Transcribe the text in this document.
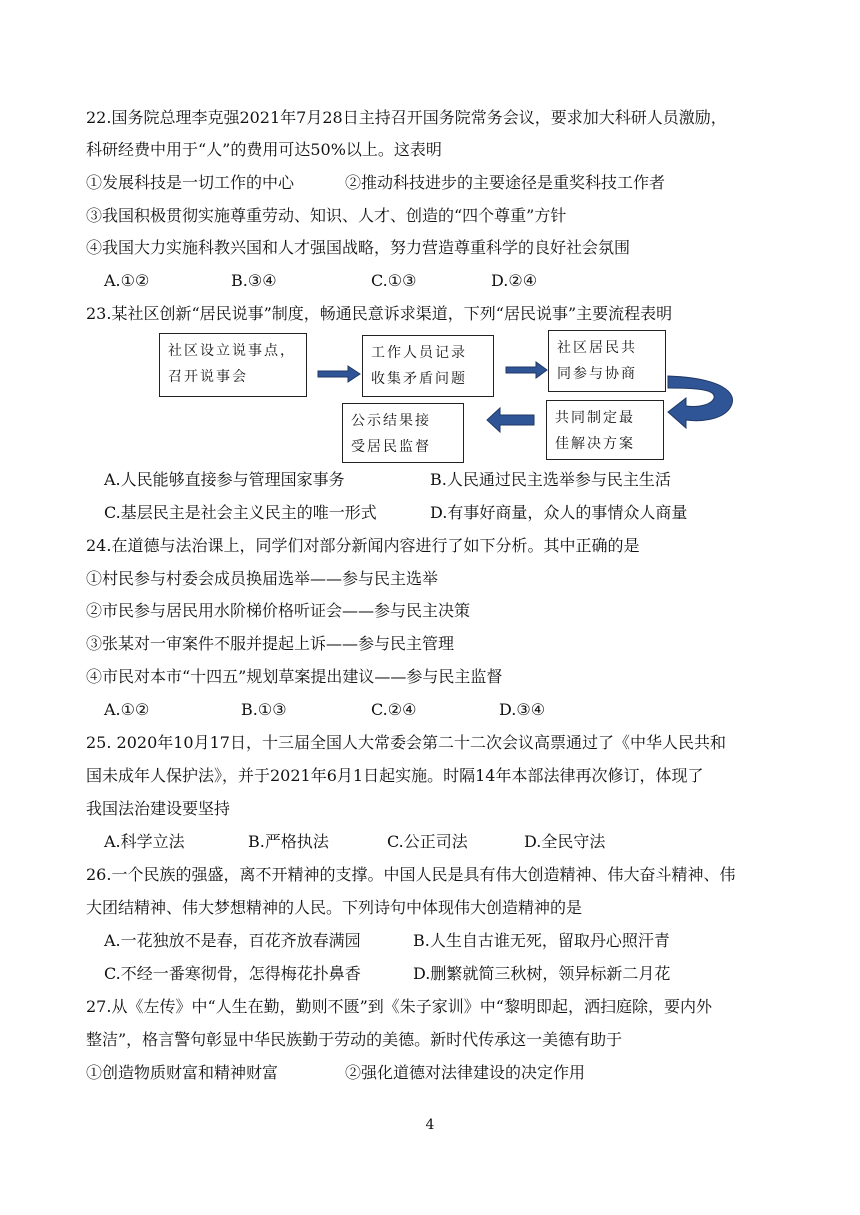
22.国务院总理李克强2021年7月28日主持召开国务院常务会议，要求加大科研人员激励，
科研经费中用于“人”的费用可达50%以上。这表明
①发展科技是一切工作的中心	②推动科技进步的主要途径是重奖科技工作者
③我国积极贯彻实施尊重劳动、知识、人才、创造的“四个尊重”方针
④我国大力实施科教兴国和人才强国战略，努力营造尊重科学的良好社会氛围
A.①②	B.③④	C.①③	D.②④
23.某社区创新“居民说事”制度，畅通民意诉求渠道，下列“居民说事”主要流程表明
社区设立说事点，
召开说事会
工作人员记录
收集矛盾问题
社区居民共
同参与协商
共同制定最
佳解决方案
公示结果接
受居民监督
A.人民能够直接参与管理国家事务	B.人民通过民主选举参与民主生活
C.基层民主是社会主义民主的唯一形式	D.有事好商量，众人的事情众人商量
24.在道德与法治课上，同学们对部分新闻内容进行了如下分析。其中正确的是
①村民参与村委会成员换届选举——参与民主选举
②市民参与居民用水阶梯价格听证会——参与民主决策
③张某对一审案件不服并提起上诉——参与民主管理
④市民对本市“十四五”规划草案提出建议——参与民主监督
A.①②	B.①③	C.②④	D.③④
25. 2020年10月17日，十三届全国人大常委会第二十二次会议高票通过了《中华人民共和
国未成年人保护法》，并于2021年6月1日起实施。时隔14年本部法律再次修订，体现了
我国法治建设要坚持
A.科学立法	B.严格执法	C.公正司法	D.全民守法
26.一个民族的强盛，离不开精神的支撑。中国人民是具有伟大创造精神、伟大奋斗精神、伟
大团结精神、伟大梦想精神的人民。下列诗句中体现伟大创造精神的是
A.一花独放不是春，百花齐放春满园	B.人生自古谁无死，留取丹心照汗青
C.不经一番寒彻骨，怎得梅花扑鼻香	D.删繁就简三秋树，领异标新二月花
27.从《左传》中“人生在勤，勤则不匮”到《朱子家训》中“黎明即起，洒扫庭除，要内外
整洁”，格言警句彰显中华民族勤于劳动的美德。新时代传承这一美德有助于
①创造物质财富和精神财富	②强化道德对法律建设的决定作用
4
